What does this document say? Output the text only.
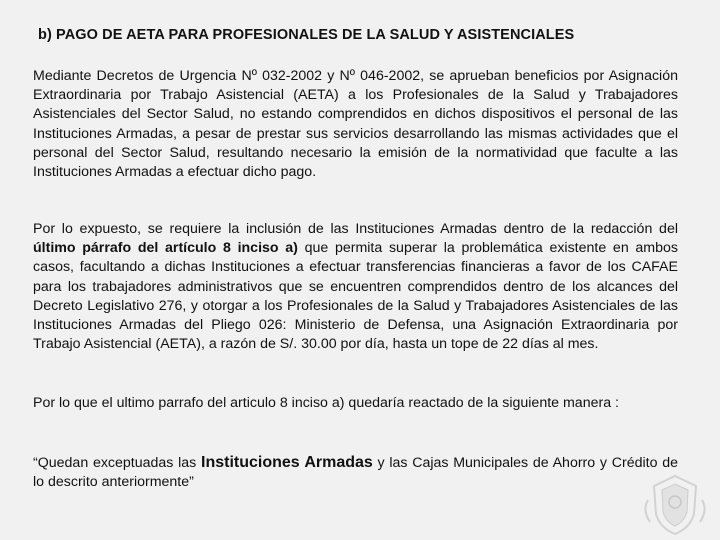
b) PAGO DE AETA PARA PROFESIONALES DE LA SALUD Y ASISTENCIALES
Mediante Decretos de Urgencia Nº 032-2002 y Nº 046-2002, se aprueban beneficios por Asignación Extraordinaria por Trabajo Asistencial (AETA) a los Profesionales de la Salud y Trabajadores Asistenciales del Sector Salud, no estando comprendidos en dichos dispositivos el personal de las Instituciones Armadas, a pesar de prestar sus servicios desarrollando las mismas actividades que el personal del Sector Salud, resultando necesario la emisión de la normatividad que faculte a las Instituciones Armadas a efectuar dicho pago.
Por lo expuesto, se requiere la inclusión de las Instituciones Armadas dentro de la redacción del último párrafo del artículo 8 inciso a) que permita superar la problemática existente en ambos casos, facultando a dichas Instituciones a efectuar transferencias financieras a favor de los CAFAE para los trabajadores administrativos que se encuentren comprendidos dentro de los alcances del Decreto Legislativo 276, y otorgar a los Profesionales de la Salud y Trabajadores Asistenciales de las Instituciones Armadas del Pliego 026: Ministerio de Defensa, una Asignación Extraordinaria por Trabajo Asistencial (AETA), a razón de S/. 30.00 por día, hasta un tope de 22 días al mes.
Por lo que el ultimo parrafo del articulo 8 inciso a) quedaría reactado de la siguiente manera :
“Quedan exceptuadas las Instituciones Armadas y las Cajas Municipales de Ahorro y Crédito de lo descrito anteriormente”
